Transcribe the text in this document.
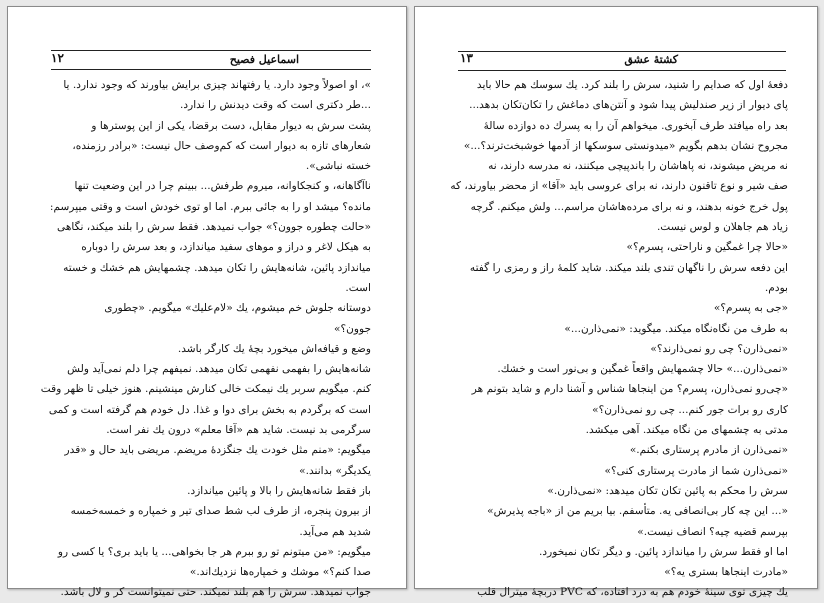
اسماعيل فصيح
۱۲
»، او اصولاً وجود دارد. يا رفتهاند چيزی برايش بياورند كه وجود ندارد. يا
...طر دكتری است كه وقت ديدنش را ندارد.
پشت سرش به ديوار مقابل، دست برقضا، يكی از اين پوسترها و
شعارهای تازه به ديوار است كه كم‌وصف حال نيست: «برادر رزمنده،
خسته نباشی».
ناآگاهانه، و كنجكاوانه، میروم طرفش... ببينم چرا در اين وضعيت تنها
مانده؟ میشد او را به جائی ببرم. اما او توی خودش است و وقتی میپرسم:
«حالت چطوره جوون؟» جواب نمیدهد. فقط سرش را بلند میكند، نگاهی
به هيكل لاغر و دراز و موهای سفيد میاندازد، و بعد سرش را دوباره
میاندازد پائين، شانه‌هايش را تكان میدهد. چشمهايش هم خشك و خسته
است.
دوستانه جلوش خم میشوم، يك «لام‌عليك» میگويم. «چطوری
جوون؟»
وضع و قيافه‌اش میخورد بچهٔ يك كارگر باشد.
شانه‌هايش را بفهمی نفهمی تكان میدهد. نمیفهم چرا دلم نمی‌آيد ولش
كنم. میگويم سربر يك نيمكت خالی كنارش مینشينم. هنوز خيلی تا ظهر وقت
است كه برگردم به بخش برای دوا و غذا. دل خودم هم گرفته است و كمی
سرگرمی بد نيست. شايد هم «آقا معلم» درون يك نفر است.
میگويم: «منم مثل خودت يك جنگزدهٔ مريضم. مريضی بايد حال و «قدر
يكديگر» بدانند.»
باز فقط شانه‌هايش را بالا و پائين میاندازد.
از بيرون پنجره، از طرف لب شط صدای تير و خمپاره و خمسه‌خمسه
شديد هم می‌آيد.
میگويم: «من میتونم تو رو ببرم هر جا بخواهی... يا بايد بری؟ يا كسی رو
صدا كنم؟» موشك و خمپاره‌ها نزديك‌اند.»
جواب نمیدهد. سرش را هم بلند نمیكند. حتی نمیتوانست كر و لال باشد.
كشتهٔ عشق
۱۳
دفعهٔ اول كه صدايم را شنيد، سرش را بلند كرد. يك سوسك هم حالا بايد
پای ديوار از زير صندليش پيدا شود و آنتن‌های دماغش را تكان‌تكان بدهد...
بعد راه میافتد طرف آبخوری. میخواهم آن را به پسرك ده دوازده ساله‌ٔ
مجروح نشان بدهم بگويم «میدونستی سوسكها از آدمها خوشبخت‌ترند؟...»
نه مريض میشوند، نه پاهاشان را باندپيچی میكنند، نه مدرسه دارند، نه
صف شير و نوع تاقنون دارند، نه برای عروسی بايد «آقا» از محضر بياورند، كه
پول خرج خونه بدهند، و نه برای مرده‌هاشان مراسم... ولش میكنم. گرچه
زياد هم جاهلان و لوس نيست.
«حالا چرا غمگين و ناراحتی، پسرم؟»
اين دفعه سرش را ناگهان تندی بلند میكند. شايد كلمهٔ راز و رمزی را گفته
بودم.
«جی به پسرم؟»
به طرف من نگاه‌نگاه میكند. میگويد: «نمی‌ذارن...»
«نمی‌ذارن؟ چی رو نمی‌ذارند؟»
«نمی‌ذارن...» حالا چشمهايش واقعاً غمگين و بی‌نور است و خشك.
«چی‌رو نمی‌ذارن، پسرم؟ من اينجاها شناس و آشنا دارم و شايد بتونم هر
كاری رو برات جور كنم... چی رو نمی‌ذارن؟»
مدتی به چشمهای من نگاه میكند. آهی میكشد.
«نمی‌ذارن از مادرم پرستاری بكنم.»
«نمی‌ذارن شما از مادرت پرستاری كنی؟»
سرش را محكم به پائين تكان تكان میدهد: «نمی‌ذارن.»
«... اين چه كار بی‌انصافی يه. متأسفم. بيا بريم من از «باجه پذيرش»
بپرسم قضيه چيه؟ انصاف نيست.»
اما او فقط سرش را میاندازد پائين. و ديگر تكان نمیخورد.
«مادرت اينجاها بستری يه؟»
يك چيزی توی سينهٔ خودم هم به درد افتاده، كه PVC دربچهٔ ميترال قلب
